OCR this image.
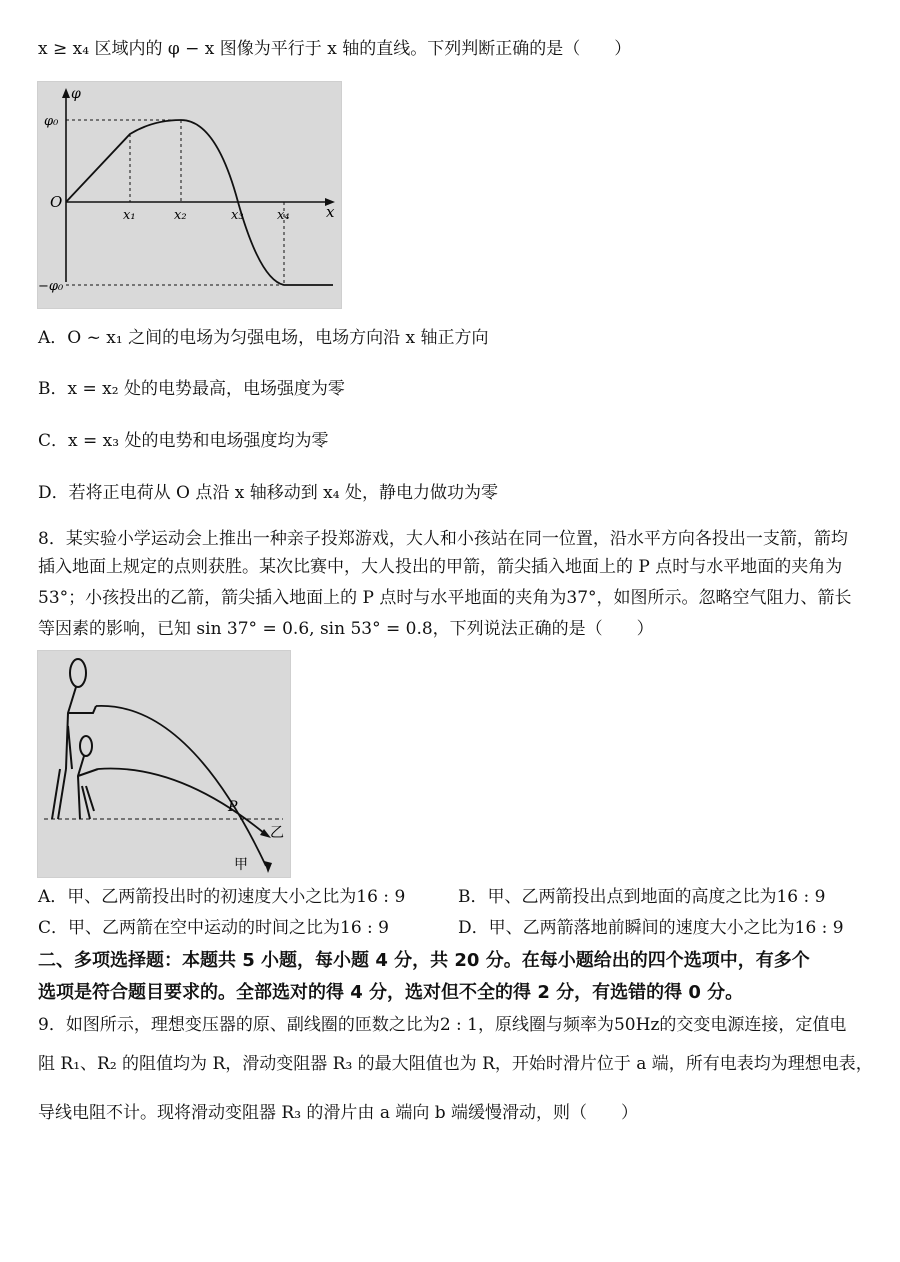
x ≥ x₄ 区域内的 φ − x 图像为平行于 x 轴的直线。下列判断正确的是（　　）
φ
φ₀
−φ₀
O
x
x₁	x₂	x₃	x₄
A．O ~ x₁ 之间的电场为匀强电场，电场方向沿 x 轴正方向
B．x = x₂ 处的电势最高，电场强度为零
C．x = x₃ 处的电势和电场强度均为零
D．若将正电荷从 O 点沿 x 轴移动到 x₄ 处，静电力做功为零
8．某实验小学运动会上推出一种亲子投郑游戏，大人和小孩站在同一位置，沿水平方向各投出一支箭，箭均
插入地面上规定的点则获胜。某次比赛中，大人投出的甲箭，箭尖插入地面上的 P 点时与水平地面的夹角为
53°；小孩投出的乙箭，箭尖插入地面上的 P 点时与水平地面的夹角为37°，如图所示。忽略空气阻力、箭长
等因素的影响，已知 sin 37° = 0.6, sin 53° = 0.8，下列说法正确的是（　　）
P
乙
甲
A．甲、乙两箭投出时的初速度大小之比为16 : 9	B．甲、乙两箭投出点到地面的高度之比为16 : 9
C．甲、乙两箭在空中运动的时间之比为16 : 9	D．甲、乙两箭落地前瞬间的速度大小之比为16 : 9
二、多项选择题：本题共 5 小题，每小题 4 分，共 20 分。在每小题给出的四个选项中，有多个
选项是符合题目要求的。全部选对的得 4 分，选对但不全的得 2 分，有选错的得 0 分。
9．如图所示，理想变压器的原、副线圈的匝数之比为2 : 1，原线圈与频率为50Hz的交变电源连接，定值电
阻 R₁、R₂ 的阻值均为 R，滑动变阻器 R₃ 的最大阻值也为 R，开始时滑片位于 a 端，所有电表均为理想电表，
导线电阻不计。现将滑动变阻器 R₃ 的滑片由 a 端向 b 端缓慢滑动，则（　　）
